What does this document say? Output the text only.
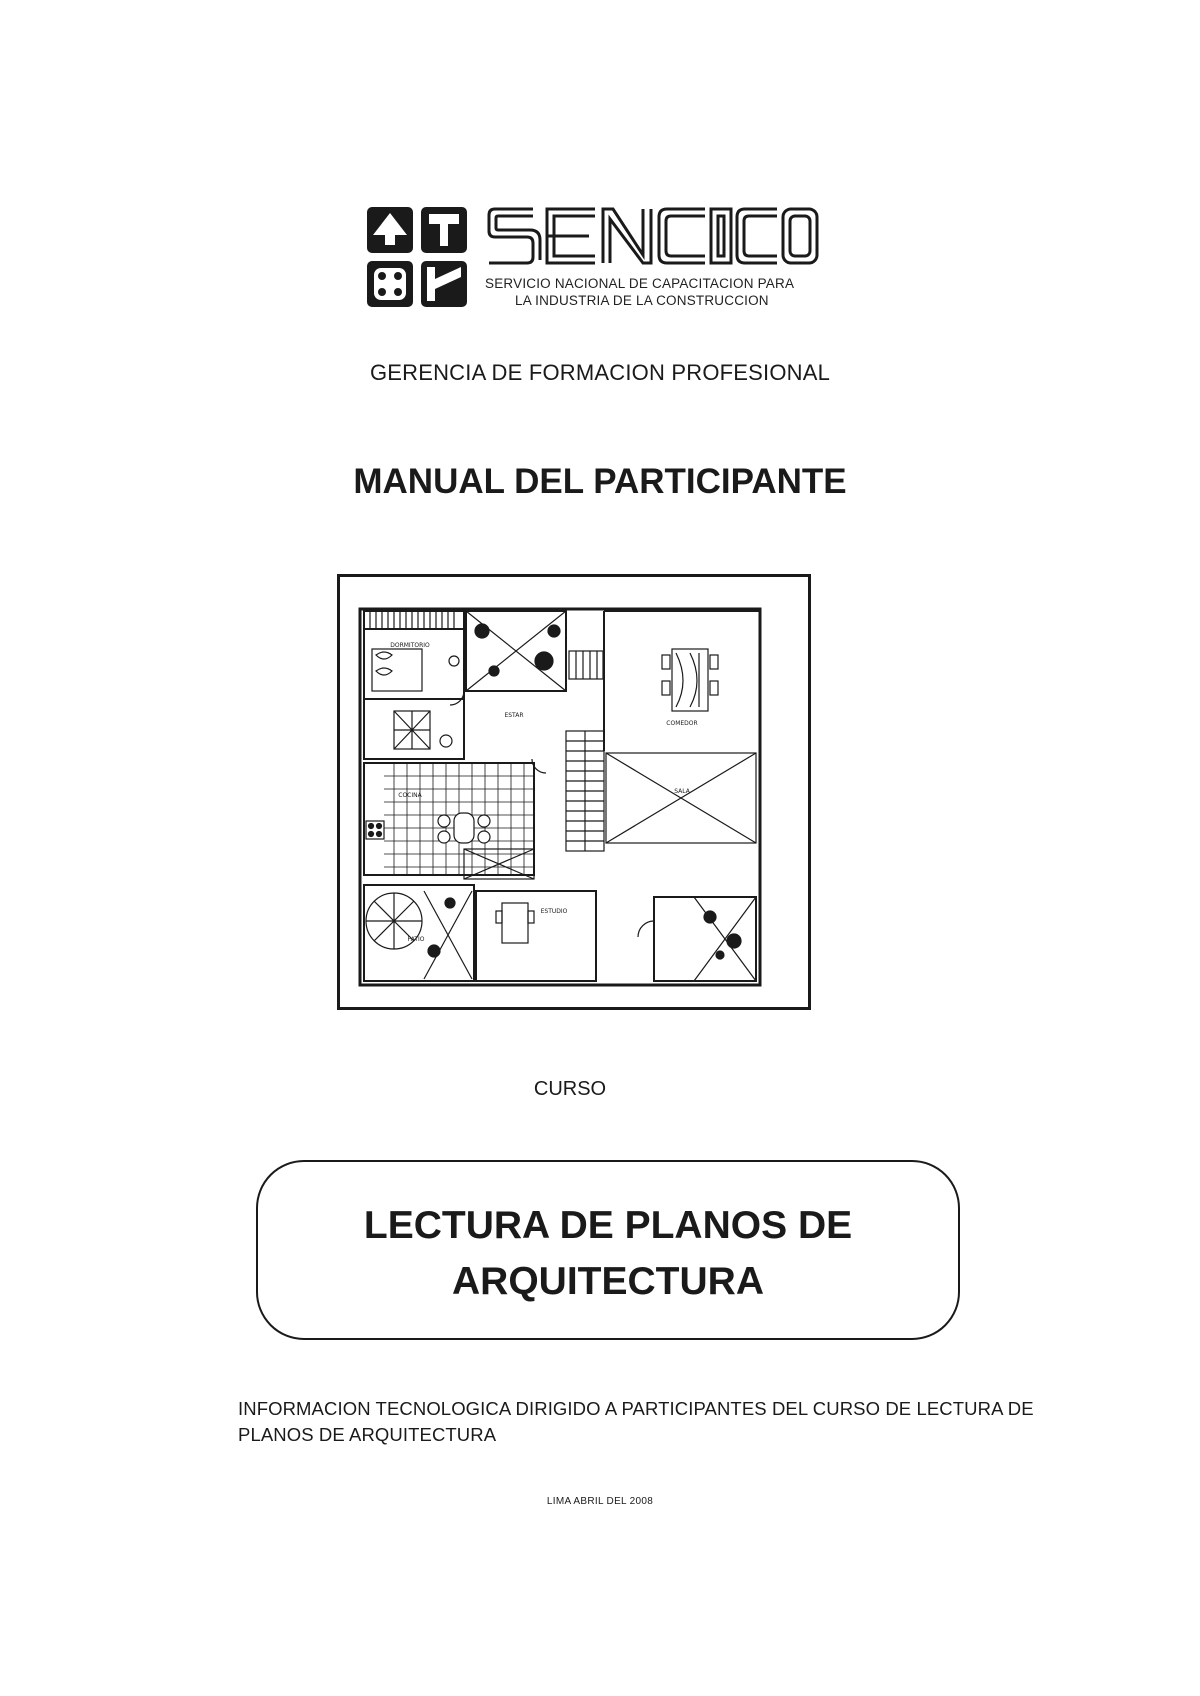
SERVICIO NACIONAL DE CAPACITACION PARA
LA INDUSTRIA DE LA CONSTRUCCION
GERENCIA DE FORMACION PROFESIONAL
MANUAL DEL PARTICIPANTE
DORMITORIO
ESTAR
COMEDOR
COCINA
SALA
ESTUDIO
PATIO
CURSO
LECTURA DE PLANOS DE
ARQUITECTURA
INFORMACION TECNOLOGICA DIRIGIDO A PARTICIPANTES DEL CURSO DE LECTURA DE PLANOS DE ARQUITECTURA
LIMA ABRIL DEL 2008
